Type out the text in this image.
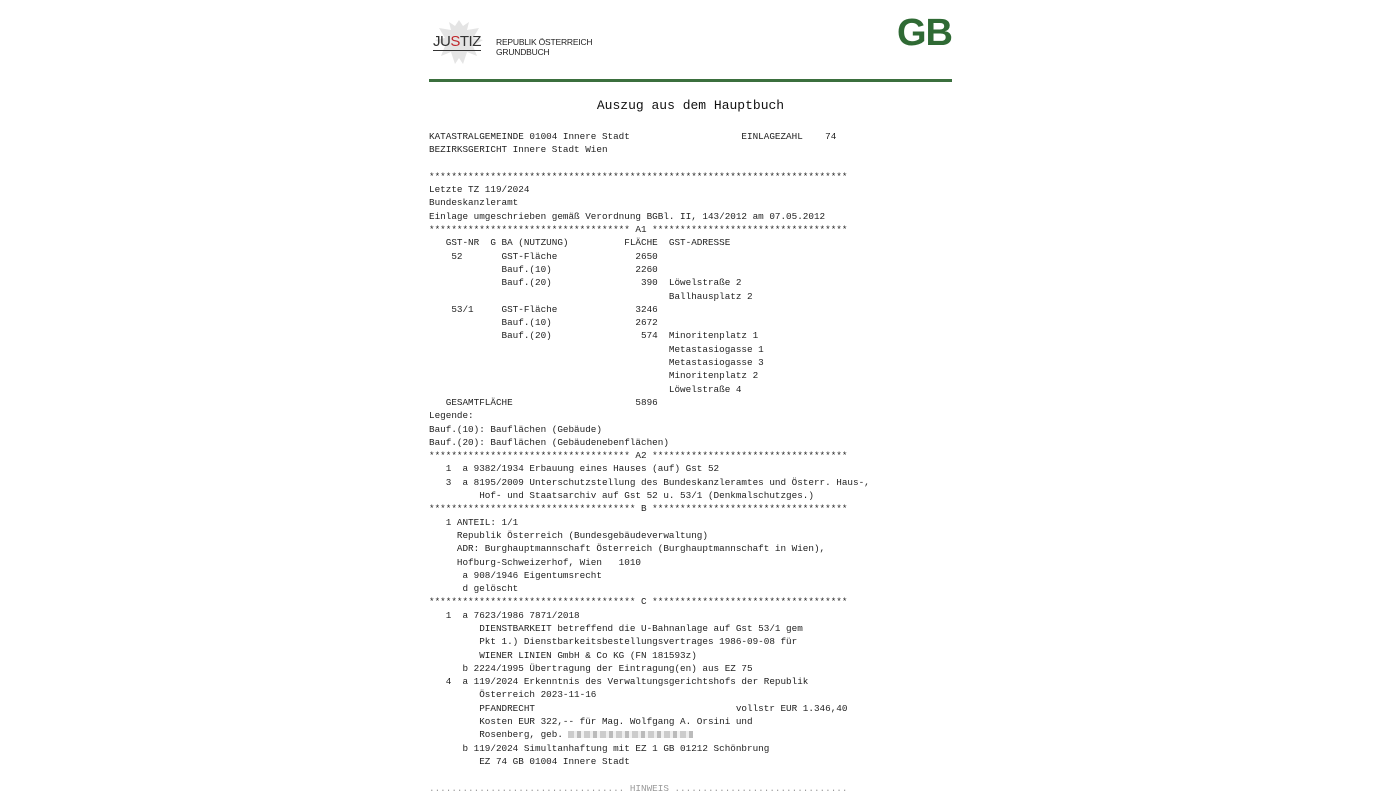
JUSTIZ REPUBLIK ÖSTERREICH
GRUNDBUCH	GB
Auszug aus dem Hauptbuch
KATASTRALGEMEINDE 01004 Innere Stadt                    EINLAGEZAHL    74
BEZIRKSGERICHT Innere Stadt Wien
***************************************************************************
Letzte TZ 119/2024
Bundeskanzleramt
Einlage umgeschrieben gemäß Verordnung BGBl. II, 143/2012 am 07.05.2012
************************************ A1 ***********************************
GST-NR  G BA (NUTZUNG)          FLÄCHE  GST-ADRESSE
52       GST-Fläche              2650
Bauf.(10)               2260
Bauf.(20)                390  Löwelstraße 2
Ballhausplatz 2
53/1     GST-Fläche              3246
Bauf.(10)               2672
Bauf.(20)                574  Minoritenplatz 1
Metastasiogasse 1
Metastasiogasse 3
Minoritenplatz 2
Löwelstraße 4
GESAMTFLÄCHE                      5896
Legende:
Bauf.(10): Bauflächen (Gebäude)
Bauf.(20): Bauflächen (Gebäudenebenflächen)
************************************ A2 ***********************************
1  a 9382/1934 Erbauung eines Hauses (auf) Gst 52
3  a 8195/2009 Unterschutzstellung des Bundeskanzleramtes und Österr. Haus-,
Hof- und Staatsarchiv auf Gst 52 u. 53/1 (Denkmalschutzges.)
************************************* B ***********************************
1 ANTEIL: 1/1
Republik Österreich (Bundesgebäudeverwaltung)
ADR: Burghauptmannschaft Österreich (Burghauptmannschaft in Wien),
Hofburg-Schweizerhof, Wien   1010
a 908/1946 Eigentumsrecht
d gelöscht
************************************* C ***********************************
1  a 7623/1986 7871/2018
DIENSTBARKEIT betreffend die U-Bahnanlage auf Gst 53/1 gem
Pkt 1.) Dienstbarkeitsbestellungsvertrages 1986-09-08 für
WIENER LINIEN GmbH & Co KG (FN 181593z)
b 2224/1995 Übertragung der Eintragung(en) aus EZ 75
4  a 119/2024 Erkenntnis des Verwaltungsgerichtshofs der Republik
Österreich 2023-11-16
PFANDRECHT                                    vollstr EUR 1.346,40
Kosten EUR 322,-- für Mag. Wolfgang A. Orsini und
Rosenberg, geb.
b 119/2024 Simultanhaftung mit EZ 1 GB 01212 Schönbrung
EZ 74 GB 01004 Innere Stadt
................................... HINWEIS ...............................
